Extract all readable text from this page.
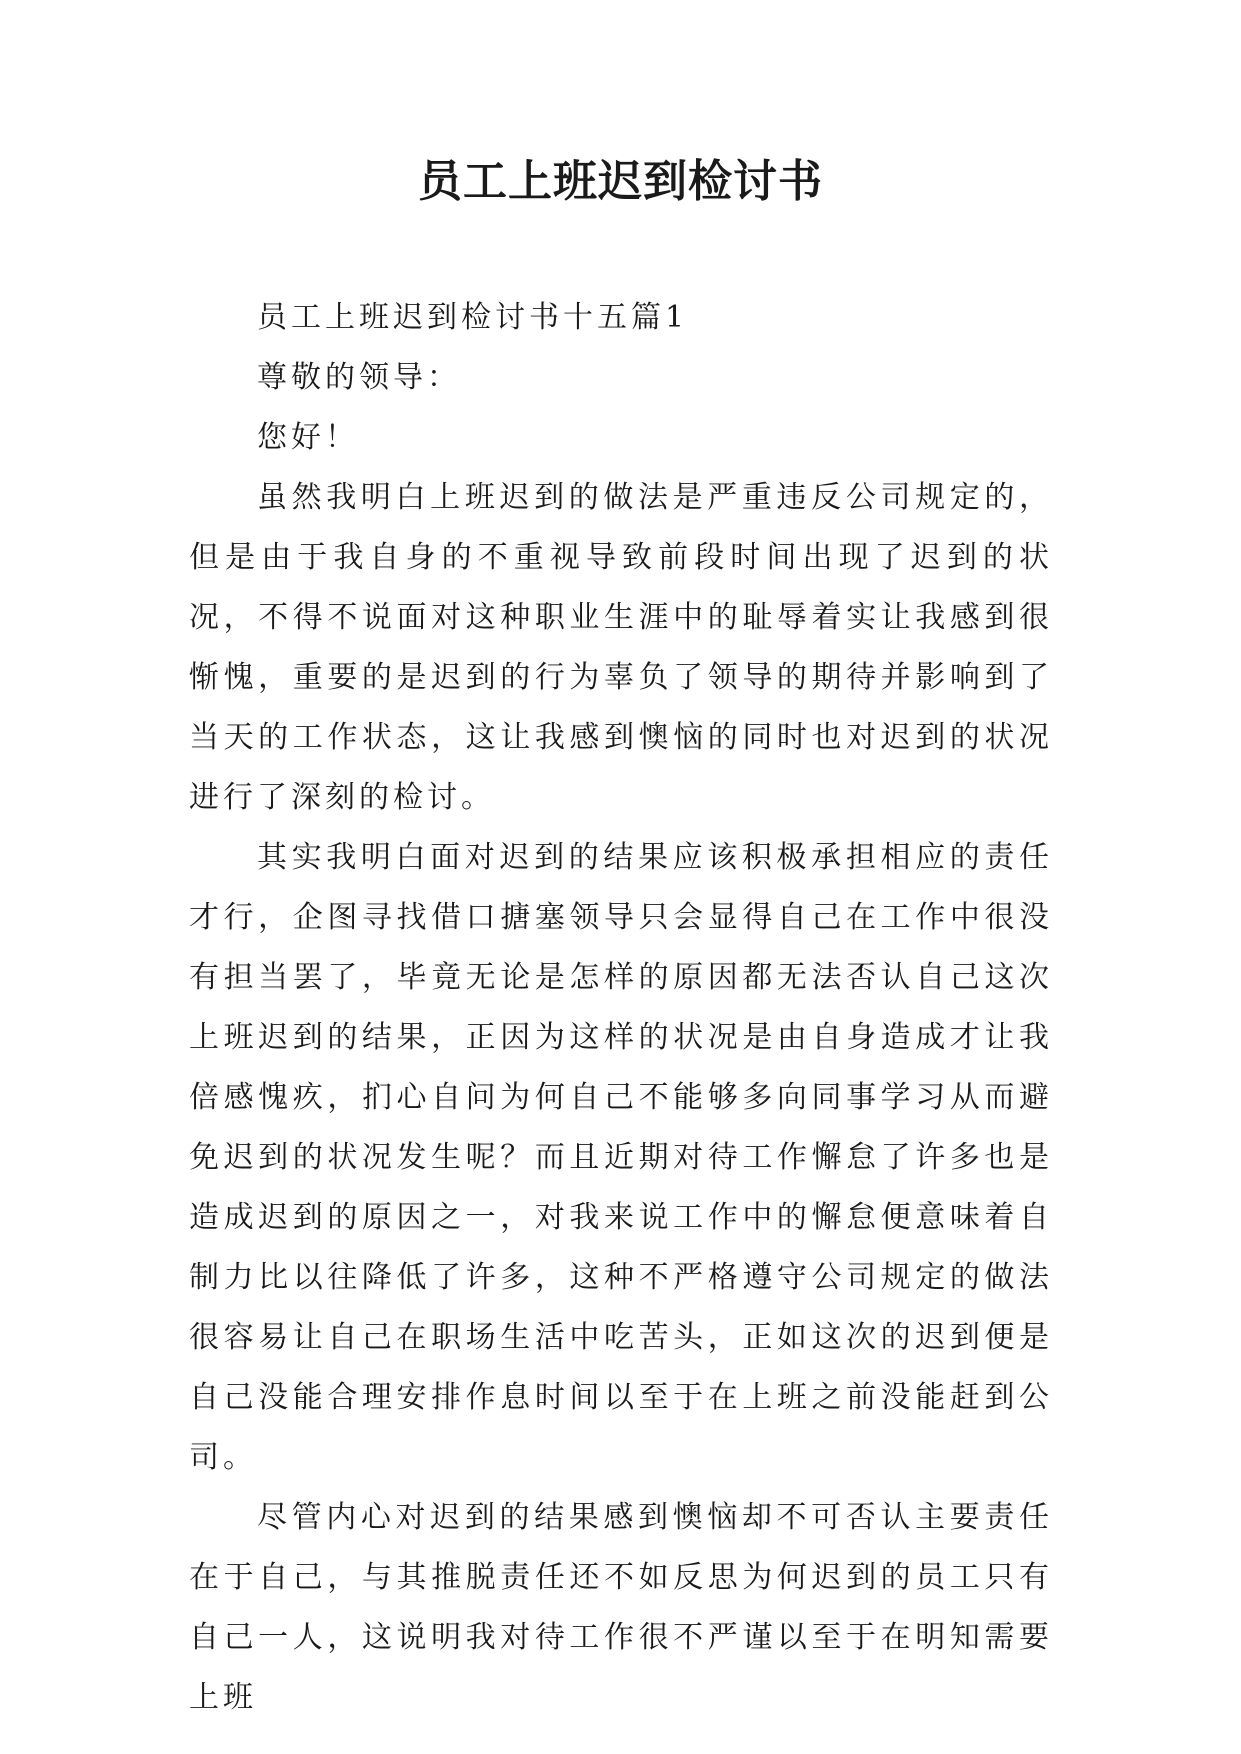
员工上班迟到检讨书

员工上班迟到检讨书十五篇1

尊敬的领导：

您好！

虽然我明白上班迟到的做法是严重违反公司规定的，但是由于我自身的不重视导致前段时间出现了迟到的状况，不得不说面对这种职业生涯中的耻辱着实让我感到很惭愧，重要的是迟到的行为辜负了领导的期待并影响到了当天的工作状态，这让我感到懊恼的同时也对迟到的状况进行了深刻的检讨。

其实我明白面对迟到的结果应该积极承担相应的责任才行，企图寻找借口搪塞领导只会显得自己在工作中很没有担当罢了，毕竟无论是怎样的原因都无法否认自己这次上班迟到的结果，正因为这样的状况是由自身造成才让我倍感愧疚，扪心自问为何自己不能够多向同事学习从而避免迟到的状况发生呢？而且近期对待工作懈怠了许多也是造成迟到的原因之一，对我来说工作中的懈怠便意味着自制力比以往降低了许多，这种不严格遵守公司规定的做法很容易让自己在职场生活中吃苦头，正如这次的迟到便是自己没能合理安排作息时间以至于在上班之前没能赶到公司。

尽管内心对迟到的结果感到懊恼却不可否认主要责任在于自己，与其推脱责任还不如反思为何迟到的员工只有自己一人，这说明我对待工作很不严谨以至于在明知需要上班
